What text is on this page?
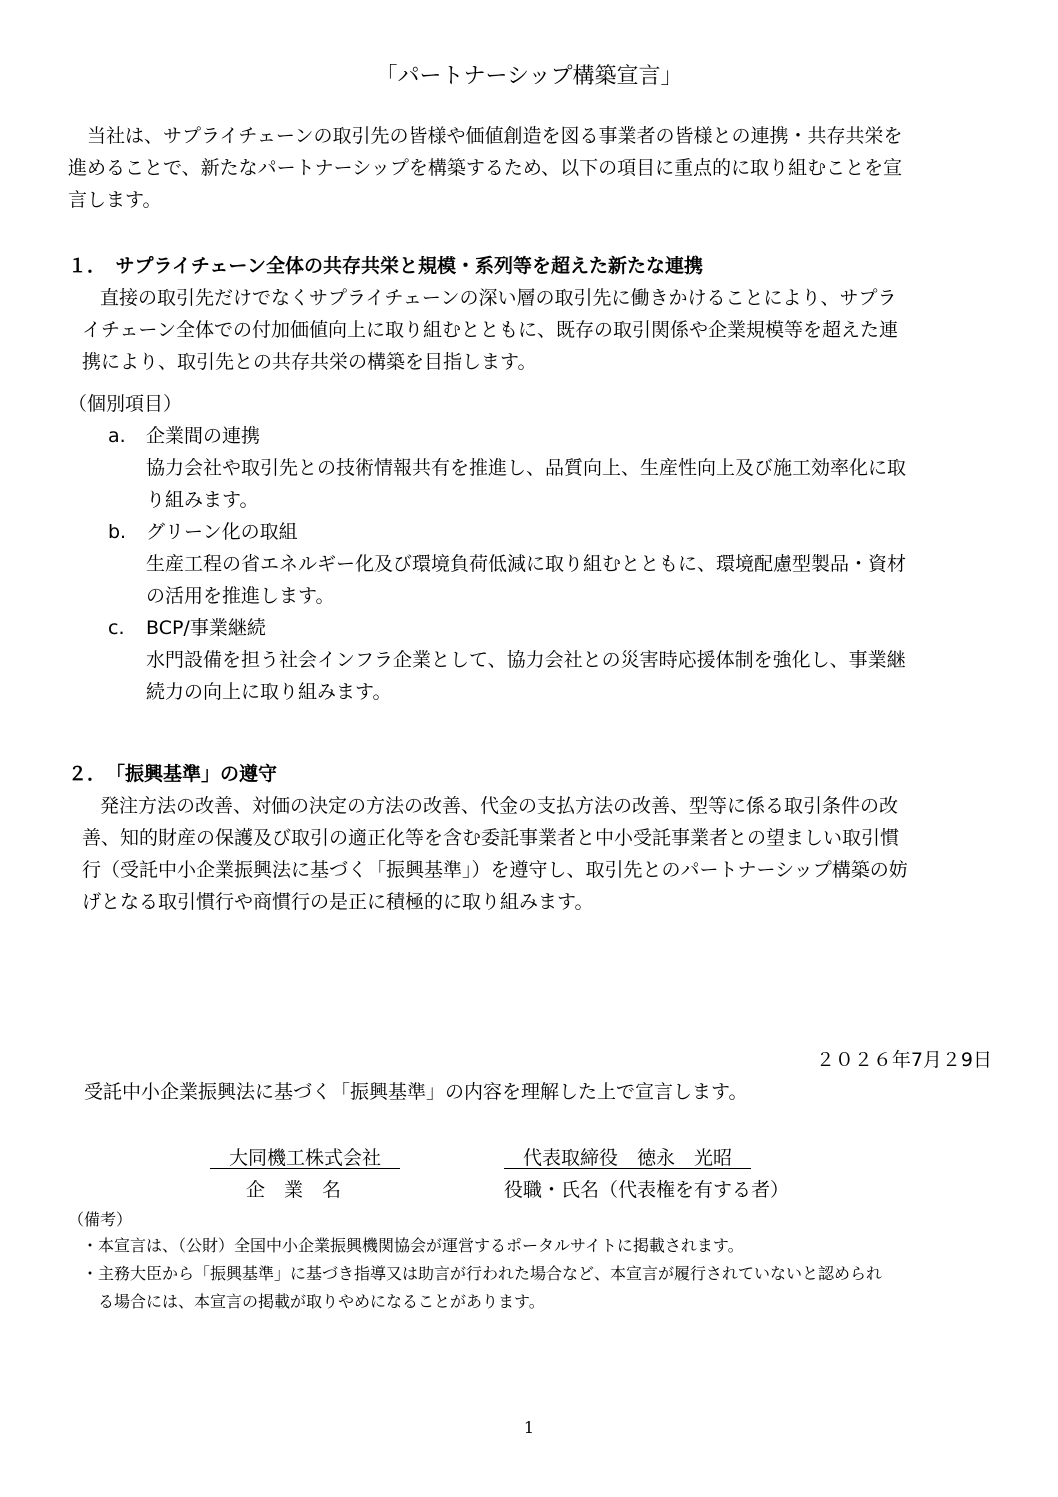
「パートナーシップ構築宣言」
　当社は、サプライチェーンの取引先の皆様や価値創造を図る事業者の皆様との連携・共存共栄を
進めることで、新たなパートナーシップを構築するため、以下の項目に重点的に取り組むことを宣
言します。
１．　サプライチェーン全体の共存共栄と規模・系列等を超えた新たな連携
直接の取引先だけでなくサプライチェーンの深い層の取引先に働きかけることにより、サプラ
イチェーン全体での付加価値向上に取り組むとともに、既存の取引関係や企業規模等を超えた連
携により、取引先との共存共栄の構築を目指します。
（個別項目）
a. 企業間の連携
協力会社や取引先との技術情報共有を推進し、品質向上、生産性向上及び施工効率化に取
り組みます。
b. グリーン化の取組
生産工程の省エネルギー化及び環境負荷低減に取り組むとともに、環境配慮型製品・資材
の活用を推進します。
c. BCP/事業継続
水門設備を担う社会インフラ企業として、協力会社との災害時応援体制を強化し、事業継
続力の向上に取り組みます。
２．　「振興基準」の遵守
発注方法の改善、対価の決定の方法の改善、代金の支払方法の改善、型等に係る取引条件の改
善、知的財産の保護及び取引の適正化等を含む委託事業者と中小受託事業者との望ましい取引慣
行（受託中小企業振興法に基づく「振興基準」）を遵守し、取引先とのパートナーシップ構築の妨
げとなる取引慣行や商慣行の是正に積極的に取り組みます。
２０２６年7月２9日
受託中小企業振興法に基づく「振興基準」の内容を理解した上で宣言します。
　大同機工株式会社　	　代表取締役　徳永　光昭　
企　業　名	役職・氏名（代表権を有する者）
（備考）
・本宣言は、（公財）全国中小企業振興機関協会が運営するポータルサイトに掲載されます。
・主務大臣から「振興基準」に基づき指導又は助言が行われた場合など、本宣言が履行されていないと認められ
　る場合には、本宣言の掲載が取りやめになることがあります。
1
